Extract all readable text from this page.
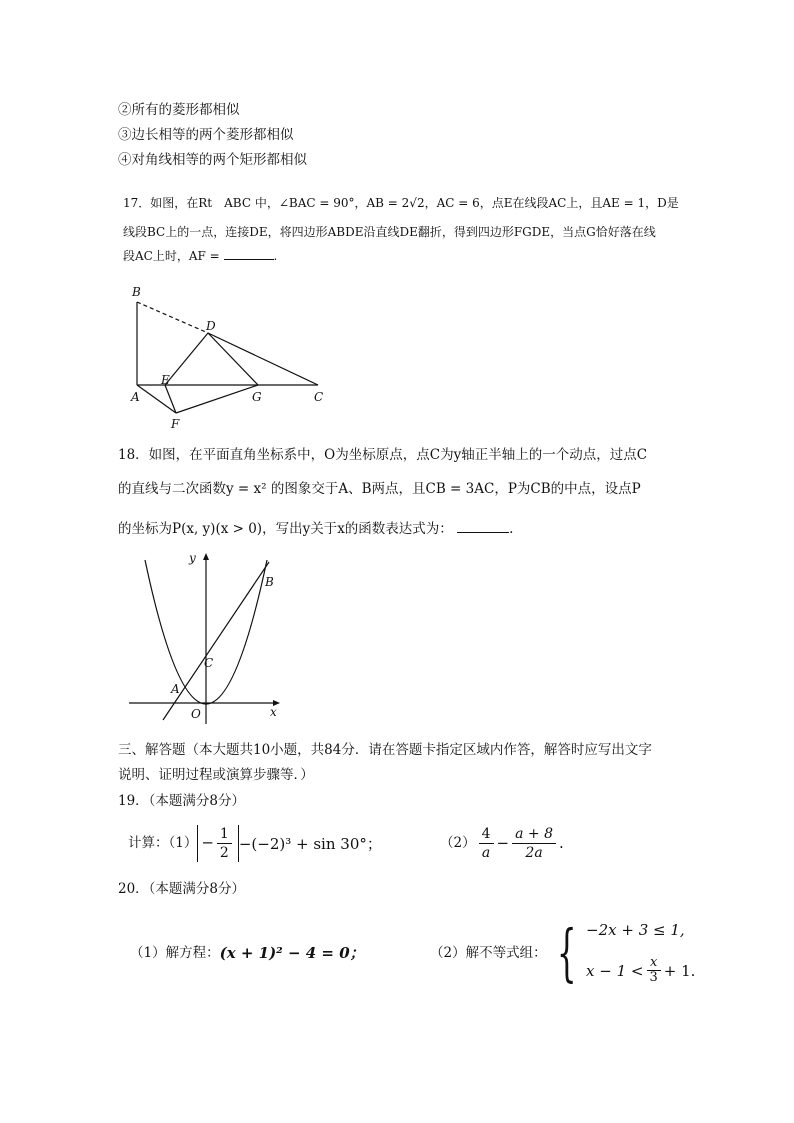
②所有的菱形都相似
③边长相等的两个菱形都相似
④对角线相等的两个矩形都相似
17．如图，在Rt　ABC 中，∠BAC = 90°，AB = 2√2，AC = 6，点E在线段AC上，且AE = 1，D是
线段BC上的一点，连接DE，将四边形ABDE沿直线DE翻折，得到四边形FGDE，当点G恰好落在线
段AC上时，AF =	.
B
D
E
A	G	C
F
18．如图，在平面直角坐标系中，O为坐标原点，点C为y轴正半轴上的一个动点，过点C
的直线与二次函数y = x² 的图象交于A、B两点，且CB = 3AC，P为CB的中点，设点P
的坐标为P(x, y)(x > 0)，写出y关于x的函数表达式为：	.
y
x
O
A
B
C
三、解答题（本大题共10小题，共84分．请在答题卡指定区域内作答，解答时应写出文字
说明、证明过程或演算步骤等．）
19．（本题满分8分）
计算：$(1) - \frac{1}{2} -(-2)^3 + \sin 30^\circ$；	$(2) \frac{4}{a} - \frac{a + 8}{2a}$ .
20．（本题满分8分）
（1）解方程： (x + 1)² − 4 = 0；	（2）解不等式组： { −2x + 3 ≤ 1,
$x - 1 < \frac{x}{3} + 1$.
